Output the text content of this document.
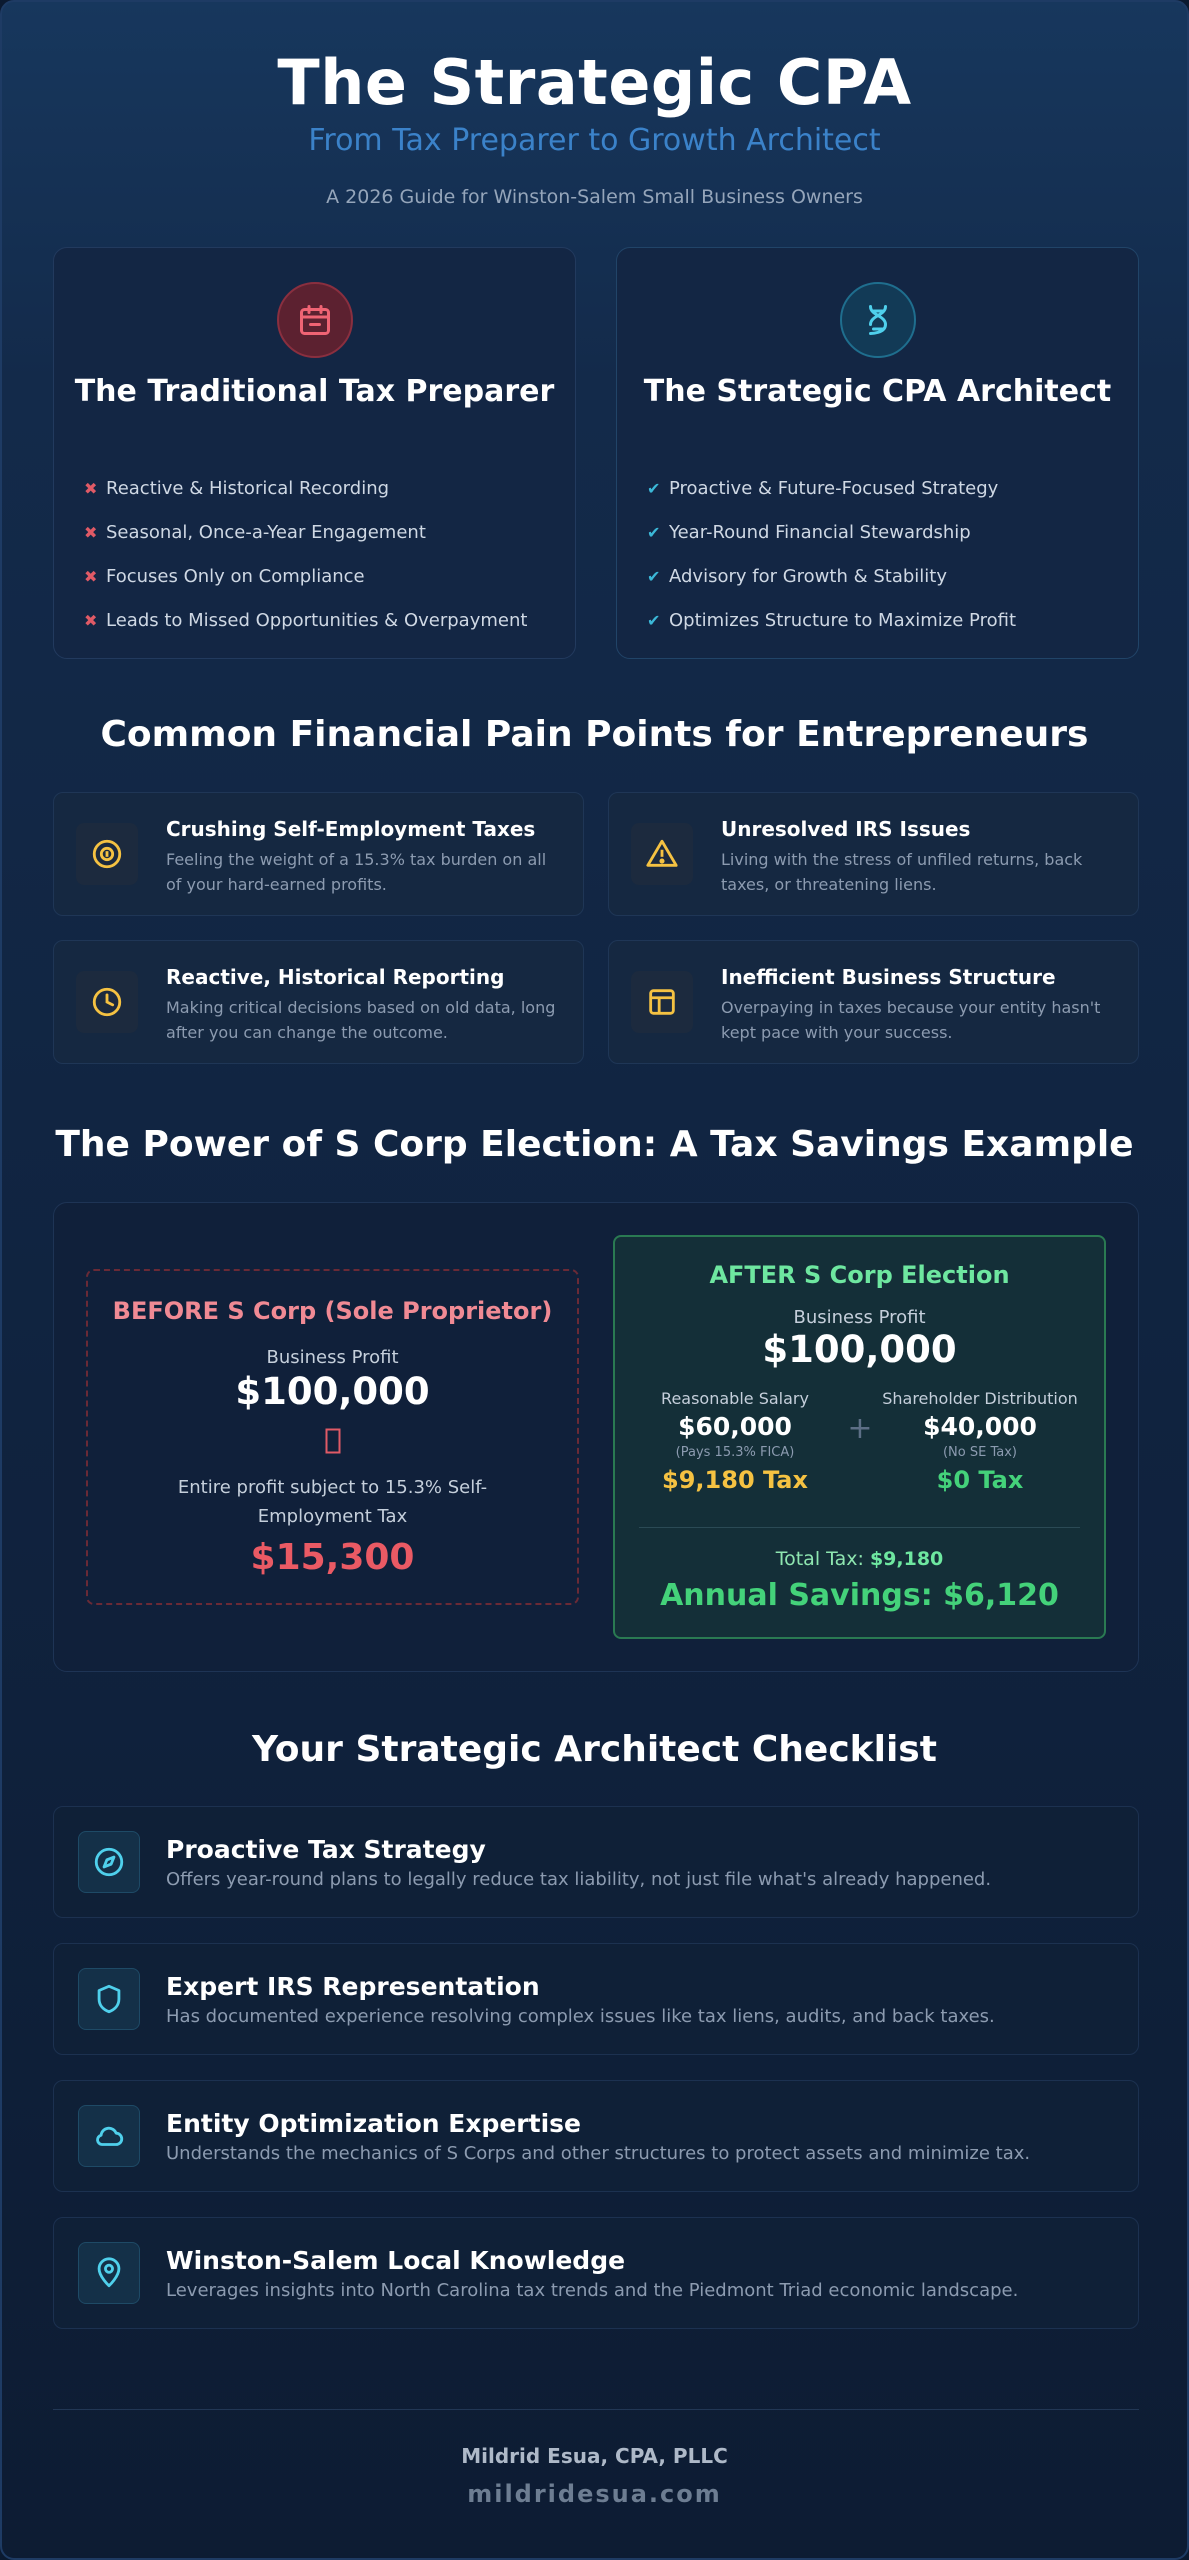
The Strategic CPA
From Tax Preparer to Growth Architect
A 2026 Guide for Winston-Salem Small Business Owners
The Traditional Tax Preparer
✖ Reactive & Historical Recording
✖ Seasonal, Once-a-Year Engagement
✖ Focuses Only on Compliance
✖ Leads to Missed Opportunities & Overpayment
The Strategic CPA Architect
✔ Proactive & Future-Focused Strategy
✔ Year-Round Financial Stewardship
✔ Advisory for Growth & Stability
✔ Optimizes Structure to Maximize Profit
Common Financial Pain Points for Entrepreneurs
Crushing Self-Employment Taxes
Feeling the weight of a 15.3% tax burden on all of your hard-earned profits.
Unresolved IRS Issues
Living with the stress of unfiled returns, back taxes, or threatening liens.
Reactive, Historical Reporting
Making critical decisions based on old data, long after you can change the outcome.
Inefficient Business Structure
Overpaying in taxes because your entity hasn't kept pace with your success.
The Power of S Corp Election: A Tax Savings Example
BEFORE S Corp (Sole Proprietor)
Business Profit
$100,000
Entire profit subject to 15.3% Self-Employment Tax
$15,300
AFTER S Corp Election
Business Profit
$100,000
Reasonable Salary
$60,000
(Pays 15.3% FICA)
$9,180 Tax
+
Shareholder Distribution
$40,000
(No SE Tax)
$0 Tax
Total Tax: $9,180
Annual Savings: $6,120
Your Strategic Architect Checklist
Proactive Tax Strategy
Offers year-round plans to legally reduce tax liability, not just file what's already happened.
Expert IRS Representation
Has documented experience resolving complex issues like tax liens, audits, and back taxes.
Entity Optimization Expertise
Understands the mechanics of S Corps and other structures to protect assets and minimize tax.
Winston-Salem Local Knowledge
Leverages insights into North Carolina tax trends and the Piedmont Triad economic landscape.
Mildrid Esua, CPA, PLLC
mildridesua.com
